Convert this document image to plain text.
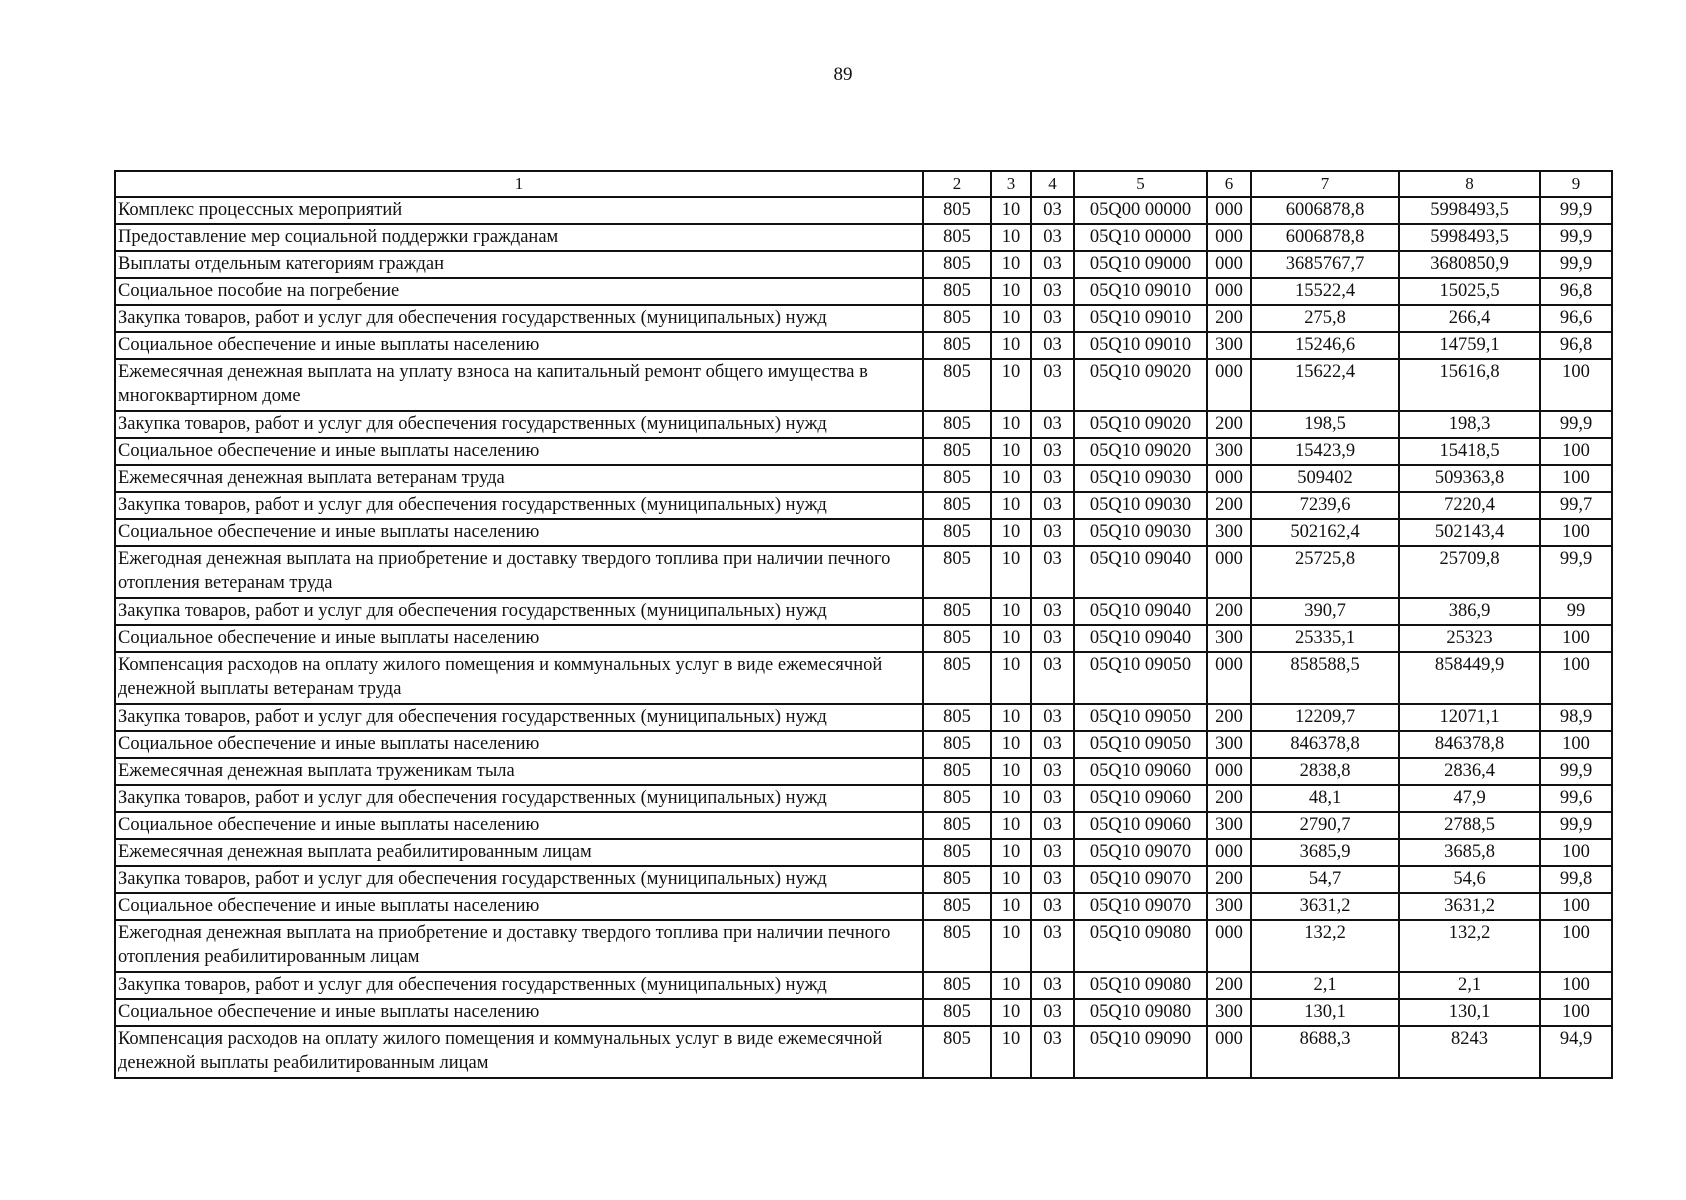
89
1	2	3	4	5	6	7	8	9
Комплекс процессных мероприятий	805	10	03	05Q00 00000	000	6006878,8	5998493,5	99,9
Предоставление мер социальной поддержки гражданам	805	10	03	05Q10 00000	000	6006878,8	5998493,5	99,9
Выплаты отдельным категориям граждан	805	10	03	05Q10 09000	000	3685767,7	3680850,9	99,9
Социальное пособие на погребение	805	10	03	05Q10 09010	000	15522,4	15025,5	96,8
Закупка товаров, работ и услуг для обеспечения государственных (муниципальных) нужд	805	10	03	05Q10 09010	200	275,8	266,4	96,6
Социальное обеспечение и иные выплаты населению	805	10	03	05Q10 09010	300	15246,6	14759,1	96,8
Ежемесячная денежная выплата на уплату взноса на капитальный ремонт общего имущества в многоквартирном доме	805	10	03	05Q10 09020	000	15622,4	15616,8	100
Закупка товаров, работ и услуг для обеспечения государственных (муниципальных) нужд	805	10	03	05Q10 09020	200	198,5	198,3	99,9
Социальное обеспечение и иные выплаты населению	805	10	03	05Q10 09020	300	15423,9	15418,5	100
Ежемесячная денежная выплата ветеранам труда	805	10	03	05Q10 09030	000	509402	509363,8	100
Закупка товаров, работ и услуг для обеспечения государственных (муниципальных) нужд	805	10	03	05Q10 09030	200	7239,6	7220,4	99,7
Социальное обеспечение и иные выплаты населению	805	10	03	05Q10 09030	300	502162,4	502143,4	100
Ежегодная денежная выплата на приобретение и доставку твердого топлива при наличии печного отопления ветеранам труда	805	10	03	05Q10 09040	000	25725,8	25709,8	99,9
Закупка товаров, работ и услуг для обеспечения государственных (муниципальных) нужд	805	10	03	05Q10 09040	200	390,7	386,9	99
Социальное обеспечение и иные выплаты населению	805	10	03	05Q10 09040	300	25335,1	25323	100
Компенсация расходов на оплату жилого помещения и коммунальных услуг в виде ежемесячной денежной выплаты ветеранам труда	805	10	03	05Q10 09050	000	858588,5	858449,9	100
Закупка товаров, работ и услуг для обеспечения государственных (муниципальных) нужд	805	10	03	05Q10 09050	200	12209,7	12071,1	98,9
Социальное обеспечение и иные выплаты населению	805	10	03	05Q10 09050	300	846378,8	846378,8	100
Ежемесячная денежная выплата труженикам тыла	805	10	03	05Q10 09060	000	2838,8	2836,4	99,9
Закупка товаров, работ и услуг для обеспечения государственных (муниципальных) нужд	805	10	03	05Q10 09060	200	48,1	47,9	99,6
Социальное обеспечение и иные выплаты населению	805	10	03	05Q10 09060	300	2790,7	2788,5	99,9
Ежемесячная денежная выплата реабилитированным лицам	805	10	03	05Q10 09070	000	3685,9	3685,8	100
Закупка товаров, работ и услуг для обеспечения государственных (муниципальных) нужд	805	10	03	05Q10 09070	200	54,7	54,6	99,8
Социальное обеспечение и иные выплаты населению	805	10	03	05Q10 09070	300	3631,2	3631,2	100
Ежегодная денежная выплата на приобретение и доставку твердого топлива при наличии печного отопления реабилитированным лицам	805	10	03	05Q10 09080	000	132,2	132,2	100
Закупка товаров, работ и услуг для обеспечения государственных (муниципальных) нужд	805	10	03	05Q10 09080	200	2,1	2,1	100
Социальное обеспечение и иные выплаты населению	805	10	03	05Q10 09080	300	130,1	130,1	100
Компенсация расходов на оплату жилого помещения и коммунальных услуг в виде ежемесячной денежной выплаты реабилитированным лицам	805	10	03	05Q10 09090	000	8688,3	8243	94,9
